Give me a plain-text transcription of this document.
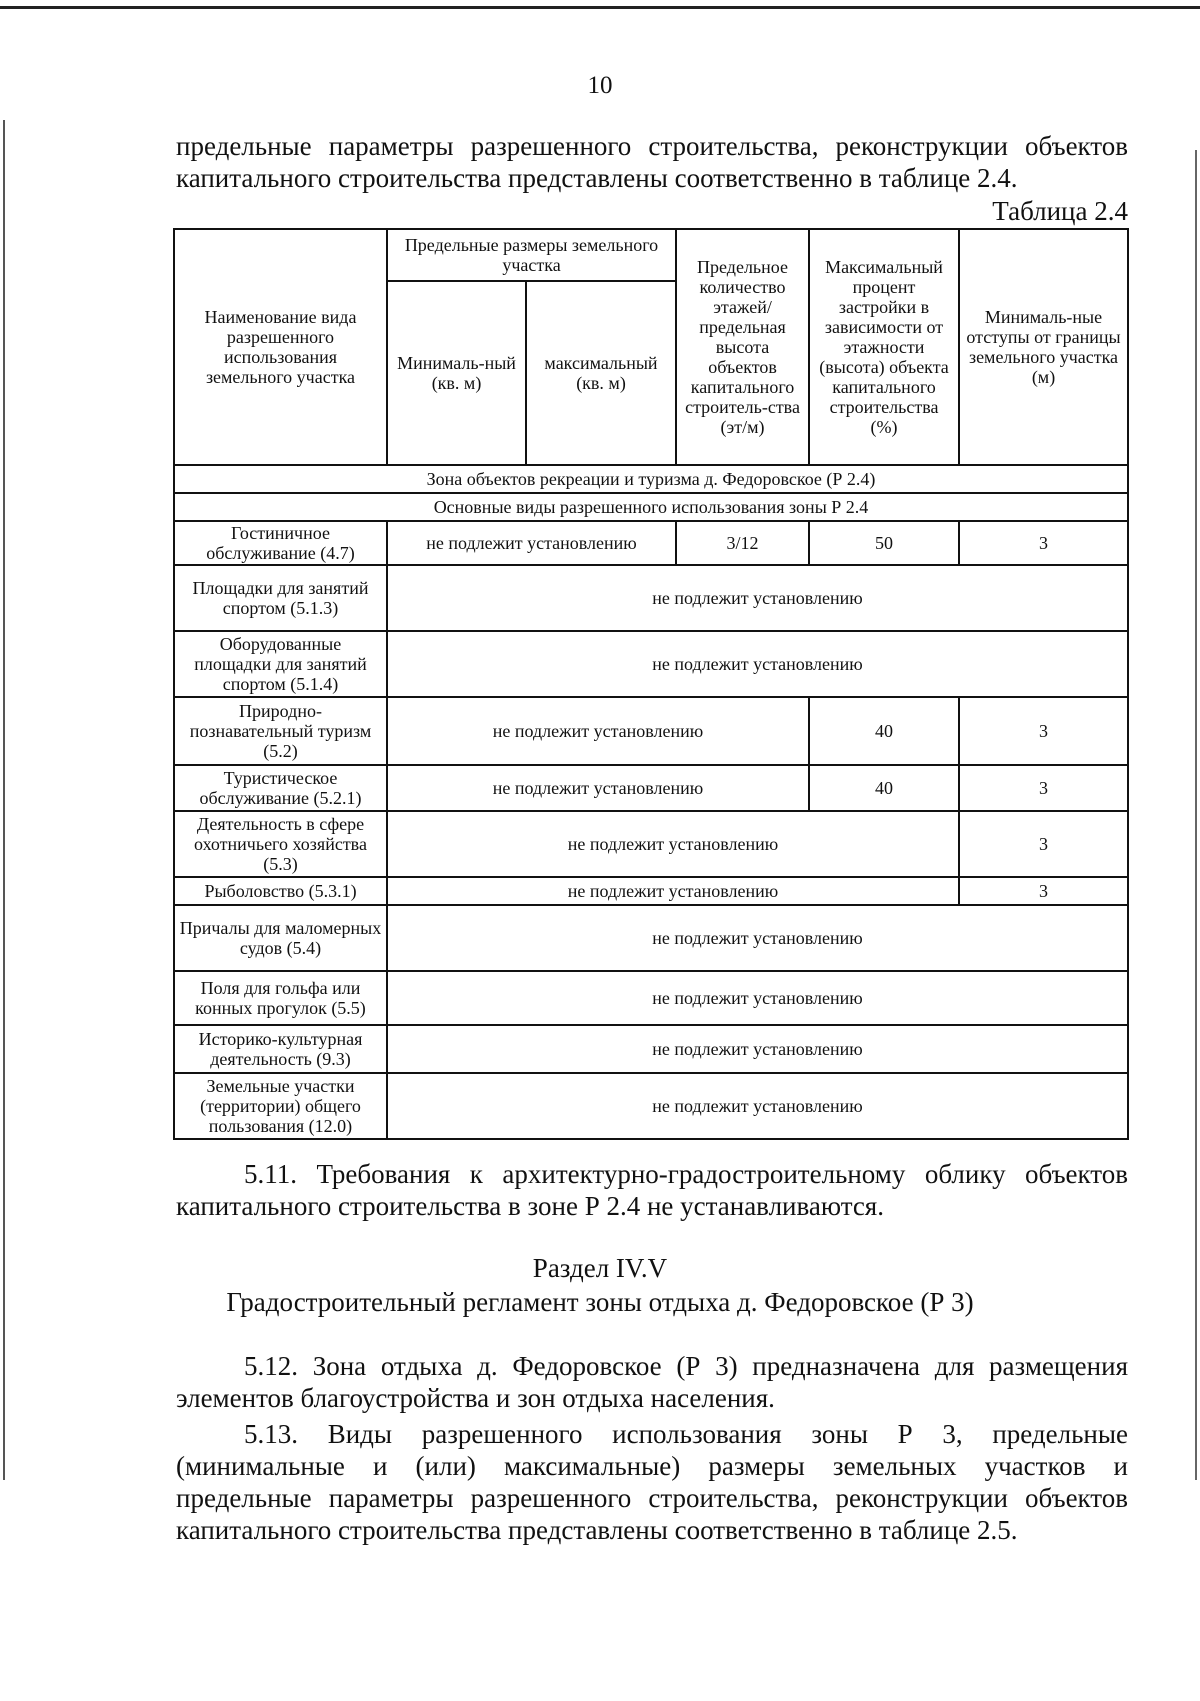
10
предельные параметры разрешенного строительства, реконструкции объектов
капитального строительства представлены соответственно в таблице 2.4.
Таблица 2.4
Наименование вида разрешенного использования земельного участка	Предельные размеры земельного участка		Предельное количество этажей/ предельная высота объектов капитального строитель-ства (эт/м)	Максимальный процент застройки в зависимости от этажности (высота) объекта капитального строительства (%)	Минималь-ные отступы от границы земельного участка (м)
	Минималь-ный (кв. м)	максимальный (кв. м)			
Зона объектов рекреации и туризма д. Федоровское (Р 2.4)					
Основные виды разрешенного использования зоны Р 2.4					
Гостиничное обслуживание (4.7)	не подлежит установлению		3/12	50	3
Площадки для занятий спортом (5.1.3)	не подлежит установлению				
Оборудованные площадки для занятий спортом (5.1.4)	не подлежит установлению				
Природно-познавательный туризм (5.2)	не подлежит установлению			40	3
Туристическое обслуживание (5.2.1)	не подлежит установлению			40	3
Деятельность в сфере охотничьего хозяйства (5.3)	не подлежит установлению				3
Рыболовство (5.3.1)	не подлежит установлению				3
Причалы для маломерных судов (5.4)	не подлежит установлению				
Поля для гольфа или конных прогулок (5.5)	не подлежит установлению				
Историко-культурная деятельность (9.3)	не подлежит установлению				
Земельные участки (территории) общего пользования (12.0)	не подлежит установлению				
5.11. Требования к архитектурно-градостроительному облику объектов
капитального строительства в зоне Р 2.4 не устанавливаются.
Раздел IV.V
Градостроительный регламент зоны отдыха д. Федоровское (Р 3)
5.12. Зона отдыха д. Федоровское (Р 3) предназначена для размещения
элементов благоустройства и зон отдыха населения.
5.13. Виды разрешенного использования зоны Р 3, предельные
(минимальные и (или) максимальные) размеры земельных участков и
предельные параметры разрешенного строительства, реконструкции объектов
капитального строительства представлены соответственно в таблице 2.5.
